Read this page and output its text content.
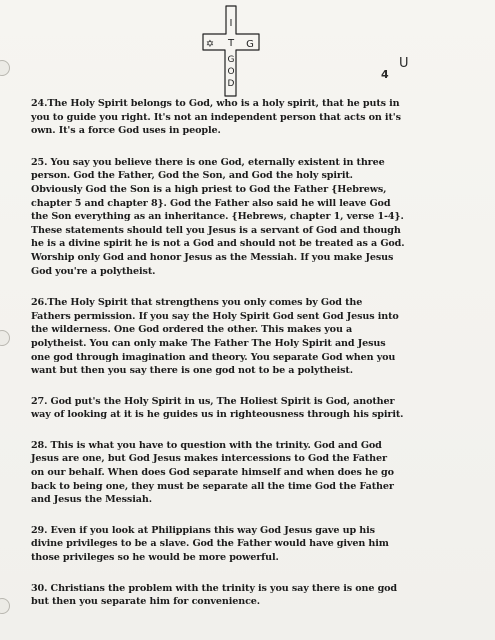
I
✡ T G
G
O
D
4
U

24.The Holy Spirit belongs to God, who is a holy spirit, that he puts in
you to guide you right. It's not an independent person that acts on it's
own. It's a force God uses in people.

25. You say you believe there is one God, eternally existent in three
person. God the Father, God the Son, and God the holy spirit.
Obviously God the Son is a high priest to God the Father {Hebrews,
chapter 5 and chapter 8}. God the Father also said he will leave God
the Son everything as an inheritance. {Hebrews, chapter 1, verse 1-4}.
These statements should tell you Jesus is a servant of God and though
he is a divine spirit he is not a God and should not be treated as a God.
Worship only God and honor Jesus as the Messiah. If you make Jesus
God you're a polytheist.

26.The Holy Spirit that strengthens you only comes by God the
Fathers permission. If you say the Holy Spirit God sent God Jesus into
the wilderness. One God ordered the other. This makes you a
polytheist. You can only make The Father The Holy Spirit and Jesus
one god through imagination and theory. You separate God when you
want but then you say there is one god not to be a polytheist.

27. God put's the Holy Spirit in us, The Holiest Spirit is God, another
way of looking at it is he guides us in righteousness through his spirit.

28. This is what you have to question with the trinity. God and God
Jesus are one, but God Jesus makes intercessions to God the Father
on our behalf. When does God separate himself and when does he go
back to being one, they must be separate all the time God the Father
and Jesus the Messiah.

29. Even if you look at Philippians this way God Jesus gave up his
divine privileges to be a slave. God the Father would have given him
those privileges so he would be more powerful.

30. Christians the problem with the trinity is you say there is one god
but then you separate him for convenience.
